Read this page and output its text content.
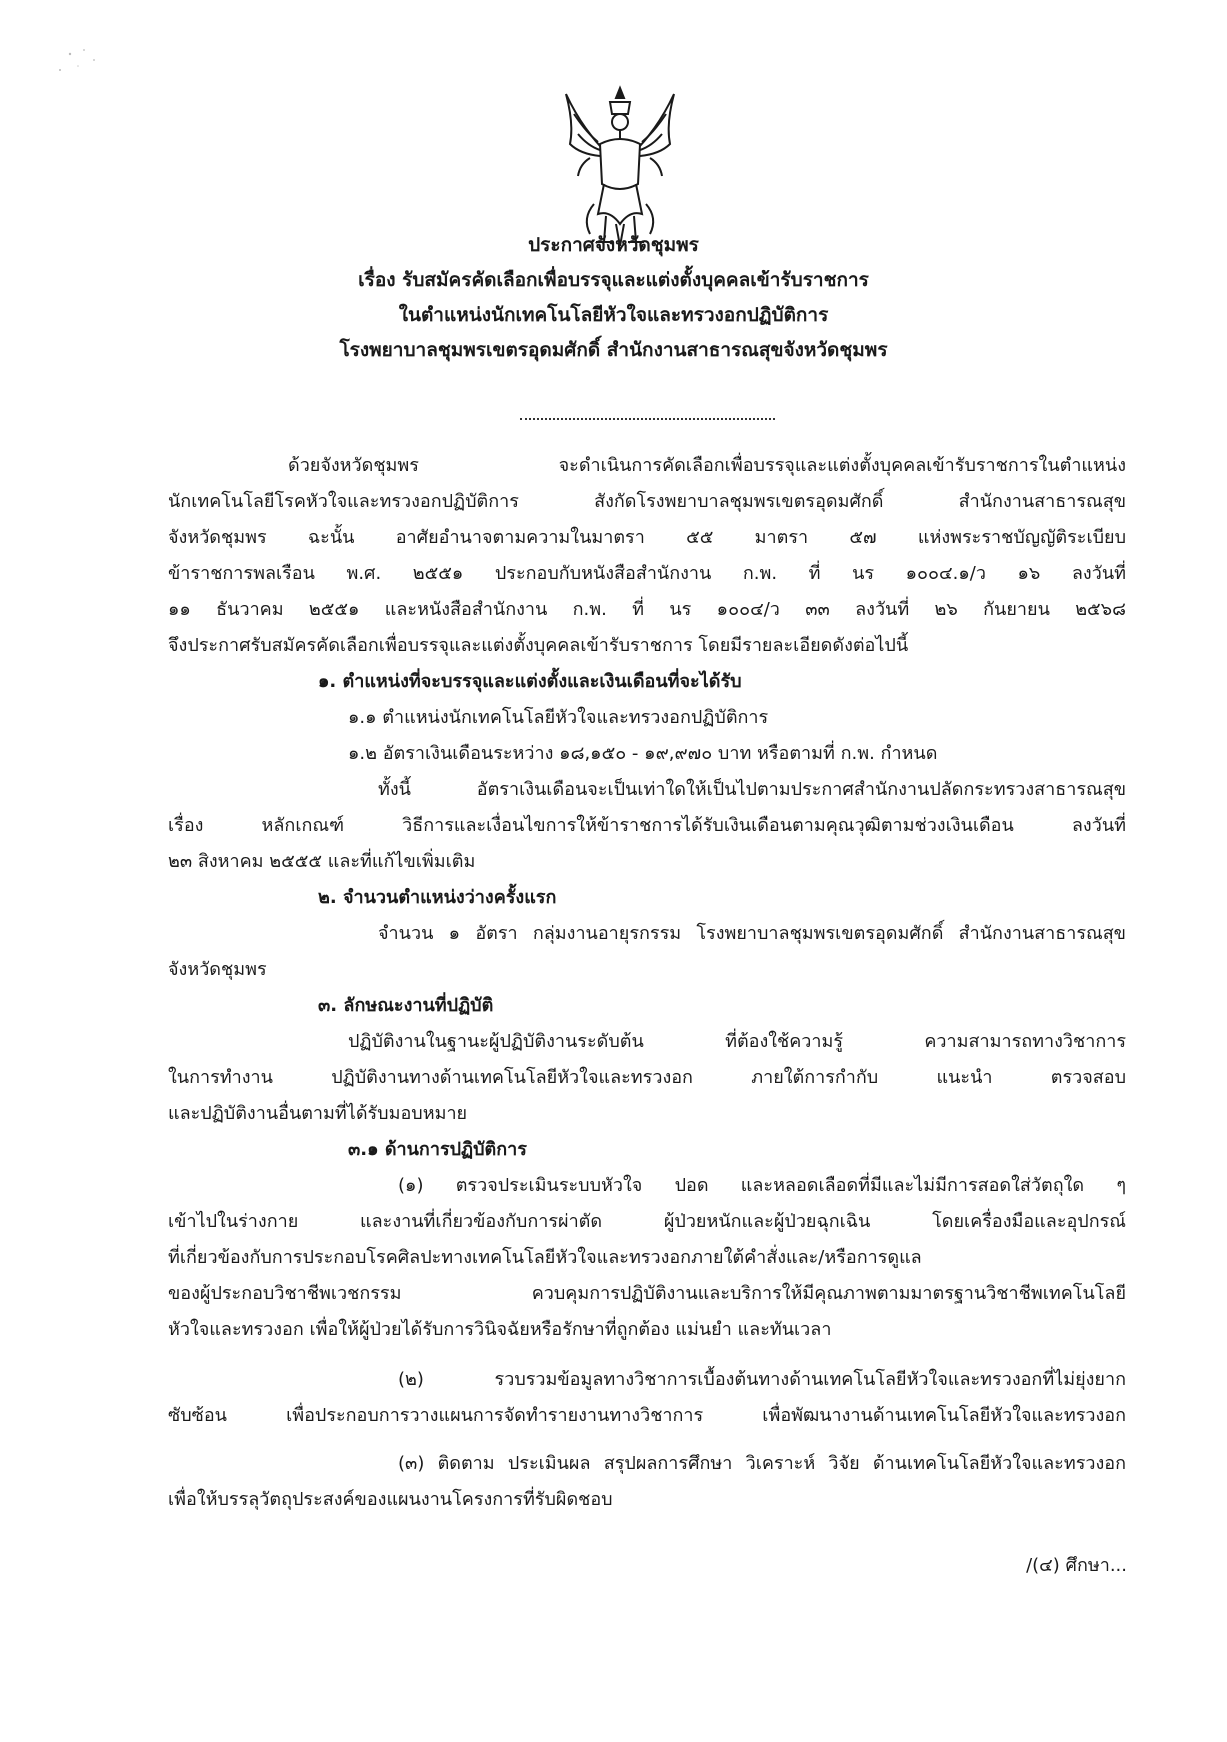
ประกาศจังหวัดชุมพร
เรื่อง รับสมัครคัดเลือกเพื่อบรรจุและแต่งตั้งบุคคลเข้ารับราชการ
ในตำแหน่งนักเทคโนโลยีหัวใจและทรวงอกปฏิบัติการ
โรงพยาบาลชุมพรเขตรอุดมศักดิ์ สำนักงานสาธารณสุขจังหวัดชุมพร
ด้วยจังหวัดชุมพร จะดำเนินการคัดเลือกเพื่อบรรจุและแต่งตั้งบุคคลเข้ารับราชการในตำแหน่ง
นักเทคโนโลยีโรคหัวใจและทรวงอกปฏิบัติการ สังกัดโรงพยาบาลชุมพรเขตรอุดมศักดิ์ สำนักงานสาธารณสุข
จังหวัดชุมพร ฉะนั้น อาศัยอำนาจตามความในมาตรา ๕๕ มาตรา ๕๗ แห่งพระราชบัญญัติระเบียบ
ข้าราชการพลเรือน พ.ศ. ๒๕๕๑ ประกอบกับหนังสือสำนักงาน ก.พ. ที่ นร ๑๐๐๔.๑/ว ๑๖ ลงวันที่
๑๑ ธันวาคม ๒๕๕๑ และหนังสือสำนักงาน ก.พ. ที่ นร ๑๐๐๔/ว ๓๓ ลงวันที่ ๒๖ กันยายน ๒๕๖๘
จึงประกาศรับสมัครคัดเลือกเพื่อบรรจุและแต่งตั้งบุคคลเข้ารับราชการ โดยมีรายละเอียดดังต่อไปนี้
๑. ตำแหน่งที่จะบรรจุและแต่งตั้งและเงินเดือนที่จะได้รับ
๑.๑ ตำแหน่งนักเทคโนโลยีหัวใจและทรวงอกปฏิบัติการ
๑.๒ อัตราเงินเดือนระหว่าง ๑๘,๑๕๐ - ๑๙,๙๗๐ บาท หรือตามที่ ก.พ. กำหนด
ทั้งนี้ อัตราเงินเดือนจะเป็นเท่าใดให้เป็นไปตามประกาศสำนักงานปลัดกระทรวงสาธารณสุข
เรื่อง หลักเกณฑ์ วิธีการและเงื่อนไขการให้ข้าราชการได้รับเงินเดือนตามคุณวุฒิตามช่วงเงินเดือน ลงวันที่
๒๓ สิงหาคม ๒๕๕๕ และที่แก้ไขเพิ่มเติม
๒. จำนวนตำแหน่งว่างครั้งแรก
จำนวน ๑ อัตรา กลุ่มงานอายุรกรรม โรงพยาบาลชุมพรเขตรอุดมศักดิ์ สำนักงานสาธารณสุข
จังหวัดชุมพร
๓. ลักษณะงานที่ปฏิบัติ
ปฏิบัติงานในฐานะผู้ปฏิบัติงานระดับต้น ที่ต้องใช้ความรู้ ความสามารถทางวิชาการ
ในการทำงาน ปฏิบัติงานทางด้านเทคโนโลยีหัวใจและทรวงอก ภายใต้การกำกับ แนะนำ ตรวจสอบ
และปฏิบัติงานอื่นตามที่ได้รับมอบหมาย
๓.๑ ด้านการปฏิบัติการ
(๑) ตรวจประเมินระบบหัวใจ ปอด และหลอดเลือดที่มีและไม่มีการสอดใส่วัตถุใด ๆ
เข้าไปในร่างกาย และงานที่เกี่ยวข้องกับการผ่าตัด ผู้ป่วยหนักและผู้ป่วยฉุกเฉิน โดยเครื่องมือและอุปกรณ์
ที่เกี่ยวข้องกับการประกอบโรคศิลปะทางเทคโนโลยีหัวใจและทรวงอกภายใต้คำสั่งและ/หรือการดูแล
ของผู้ประกอบวิชาชีพเวชกรรม ควบคุมการปฏิบัติงานและบริการให้มีคุณภาพตามมาตรฐานวิชาชีพเทคโนโลยี
หัวใจและทรวงอก เพื่อให้ผู้ป่วยได้รับการวินิจฉัยหรือรักษาที่ถูกต้อง แม่นยำ และทันเวลา
(๒) รวบรวมข้อมูลทางวิชาการเบื้องต้นทางด้านเทคโนโลยีหัวใจและทรวงอกที่ไม่ยุ่งยาก
ซับซ้อน เพื่อประกอบการวางแผนการจัดทำรายงานทางวิชาการ เพื่อพัฒนางานด้านเทคโนโลยีหัวใจและทรวงอก
(๓) ติดตาม ประเมินผล สรุปผลการศึกษา วิเคราะห์ วิจัย ด้านเทคโนโลยีหัวใจและทรวงอก
เพื่อให้บรรลุวัตถุประสงค์ของแผนงานโครงการที่รับผิดชอบ
/(๔) ศึกษา...
